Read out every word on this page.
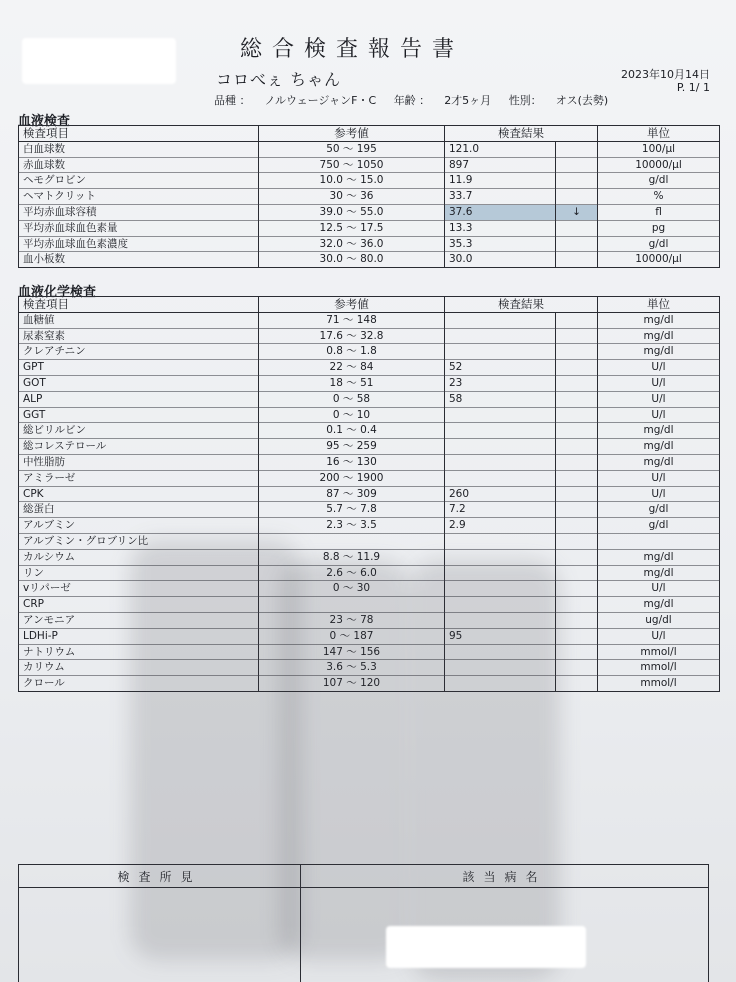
総合検査報告書
2023年10月14日
P. 1/ 1
コロべぇ ちゃん
品種 ： ノルウェージャンF・C 年齢 ： 2才5ヶ月 性別： オス(去勢)
血液検査
検査項目	参考値	検査結果		単位
白血球数	50 ～ 195	121.0		100/μl
赤血球数	750 ～ 1050	897		10000/μl
ヘモグロビン	10.0 ～ 15.0	11.9		g/dl
ヘマトクリット	30 ～ 36	33.7		%
平均赤血球容積	39.0 ～ 55.0	37.6	↓	fl
平均赤血球血色素量	12.5 ～ 17.5	13.3		pg
平均赤血球血色素濃度	32.0 ～ 36.0	35.3		g/dl
血小板数	30.0 ～ 80.0	30.0		10000/μl
血液化学検査
検査項目	参考値	検査結果		単位
血糖値	71 ～ 148			mg/dl
尿素窒素	17.6 ～ 32.8			mg/dl
クレアチニン	0.8 ～ 1.8			mg/dl
GPT	22 ～ 84	52		U/l
GOT	18 ～ 51	23		U/l
ALP	0 ～ 58	58		U/l
GGT	0 ～ 10			U/l
総ビリルビン	0.1 ～ 0.4			mg/dl
総コレステロール	95 ～ 259			mg/dl
中性脂肪	16 ～ 130			mg/dl
アミラーゼ	200 ～ 1900			U/l
CPK	87 ～ 309	260		U/l
総蛋白	5.7 ～ 7.8	7.2		g/dl
アルブミン	2.3 ～ 3.5	2.9		g/dl
アルブミン・グロブリン比				
カルシウム	8.8 ～ 11.9			mg/dl
リン	2.6 ～ 6.0			mg/dl
vリパーゼ	0 ～ 30			U/l
CRP				mg/dl
アンモニア	23 ～ 78			ug/dl
LDHi-P	0 ～ 187	95		U/l
ナトリウム	147 ～ 156			mmol/l
カリウム	3.6 ～ 5.3			mmol/l
クロール	107 ～ 120			mmol/l
検査所見	該当病名
